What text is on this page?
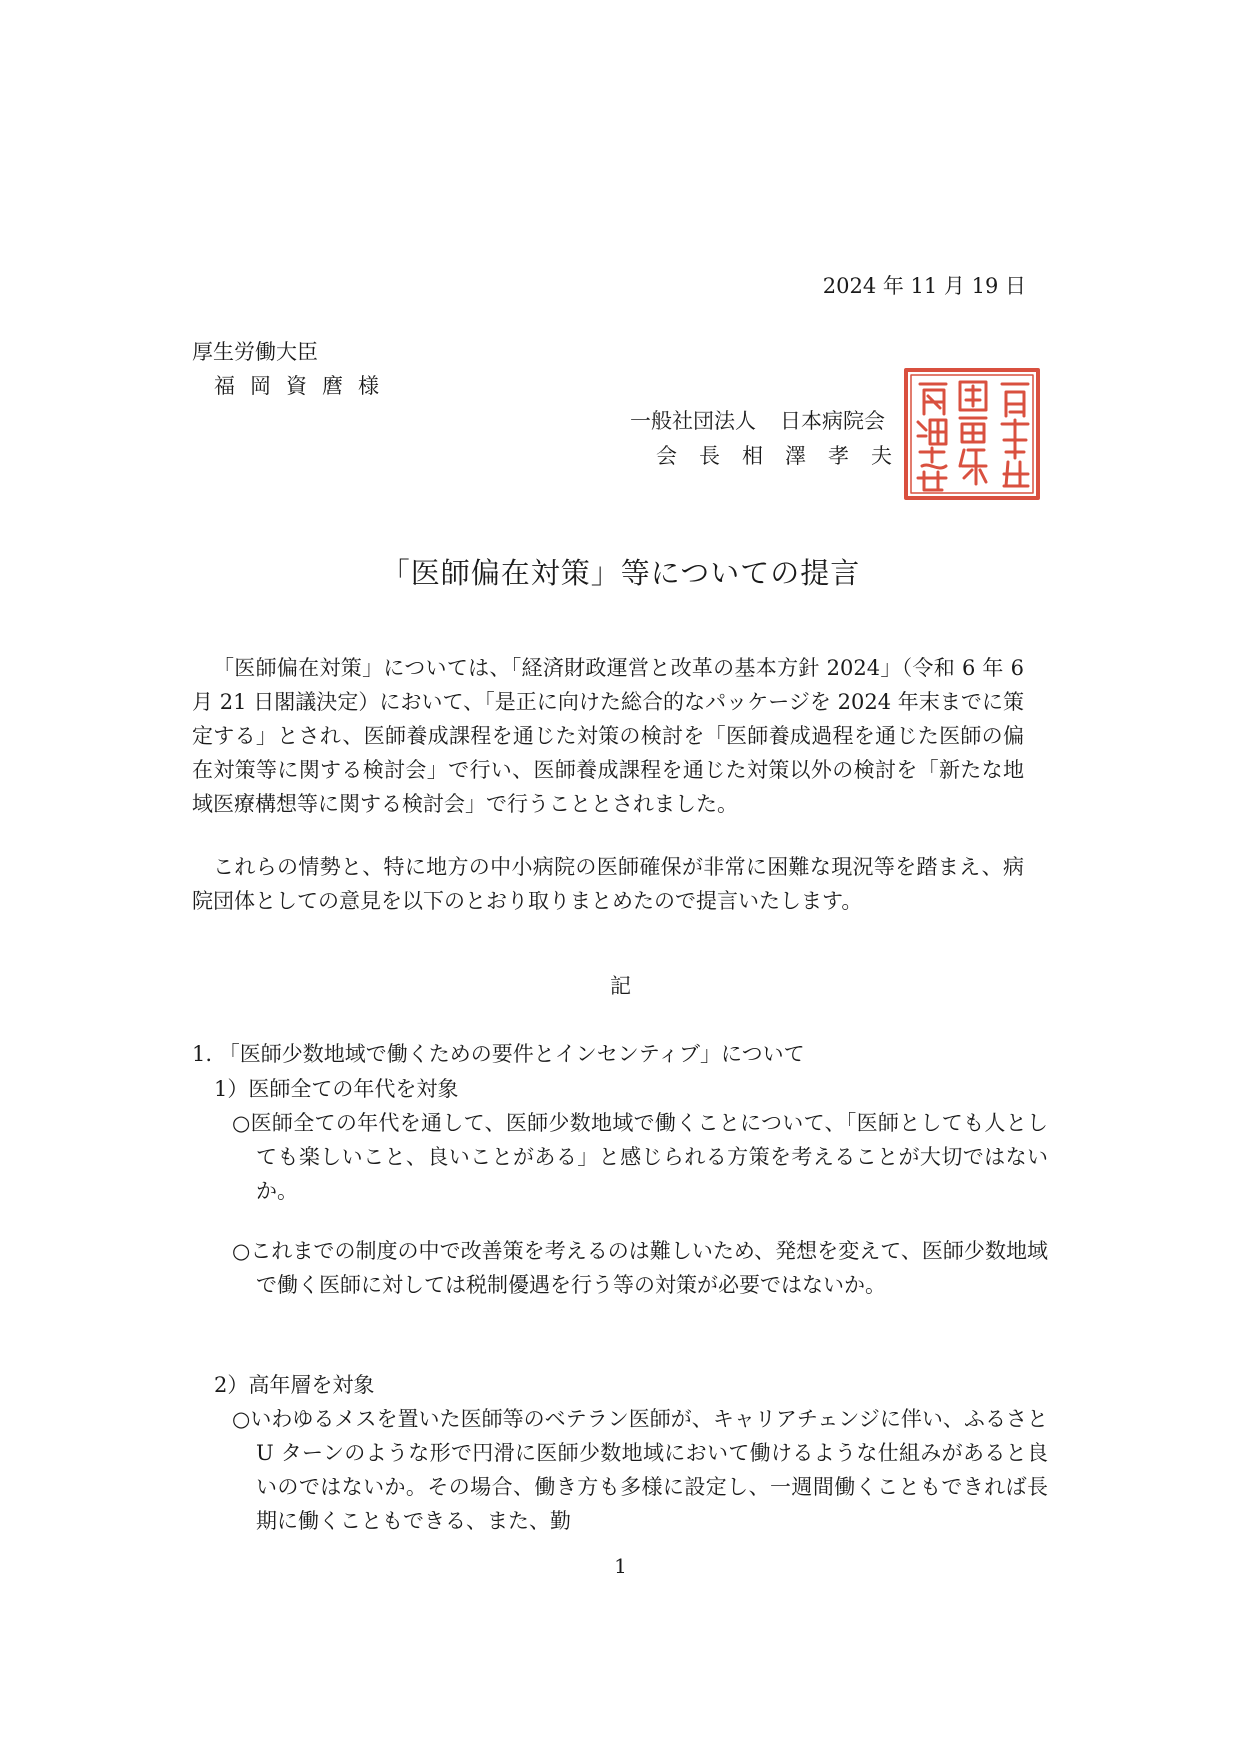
2024 年 11 月 19 日
厚生労働大臣
福岡資麿様
一般社団法人 日本病院会
会長相澤孝夫
「医師偏在対策」等についての提言

「医師偏在対策」については、「経済財政運営と改革の基本方針 2024」（令和 6 年 6 月 21 日閣議決定）において、「是正に向けた総合的なパッケージを 2024 年末までに策定する」とされ、医師養成課程を通じた対策の検討を「医師養成過程を通じた医師の偏在対策等に関する検討会」で行い、医師養成課程を通じた対策以外の検討を「新たな地域医療構想等に関する検討会」で行うこととされました。

これらの情勢と、特に地方の中小病院の医師確保が非常に困難な現況等を踏まえ、病院団体としての意見を以下のとおり取りまとめたので提言いたします。

記
1. 「医師少数地域で働くための要件とインセンティブ」について
1）医師全ての年代を対象
○医師全ての年代を通して、医師少数地域で働くことについて、「医師としても人としても楽しいこと、良いことがある」と感じられる方策を考えることが大切ではないか。
○これまでの制度の中で改善策を考えるのは難しいため、発想を変えて、医師少数地域で働く医師に対しては税制優遇を行う等の対策が必要ではないか。
2）高年層を対象
○いわゆるメスを置いた医師等のベテラン医師が、キャリアチェンジに伴い、ふるさと U ターンのような形で円滑に医師少数地域において働けるような仕組みがあると良いのではないか。その場合、働き方も多様に設定し、一週間働くこともできれば長期に働くこともできる、また、勤
1
